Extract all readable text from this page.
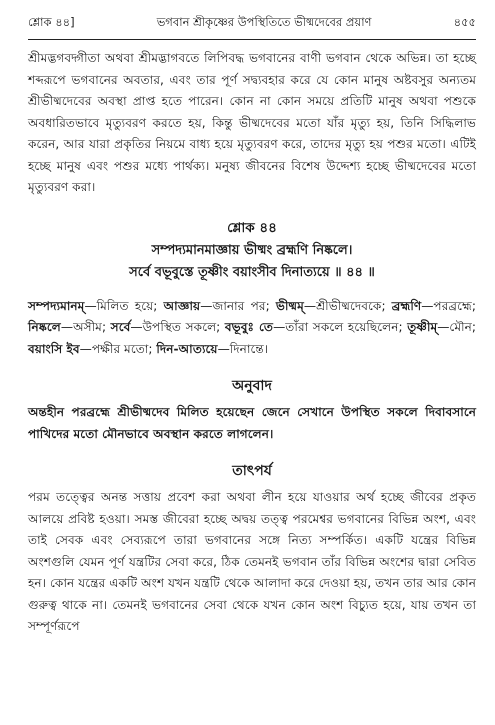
শ্লোক ৪৪]	ভগবান শ্রীকৃষ্ণের উপস্থিতিতে ভীষ্মদেবের প্রয়াণ	৪৫৫

শ্রীমদ্ভগবদ্গীতা অথবা শ্রীমদ্ভাগবতে লিপিবদ্ধ ভগবানের বাণী ভগবান থেকে অভিন্ন। তা হচ্ছে শব্দরূপে ভগবানের অবতার, এবং তার পূর্ণ সদ্ব্যবহার করে যে কোন মানুষ অষ্টবসুর অন্যতম শ্রীভীষ্মদেবের অবস্থা প্রাপ্ত হতে পারেন। কোন না কোন সময়ে প্রতিটি মানুষ অথবা পশুকে অবধারিতভাবে মৃত্যুবরণ করতে হয়, কিন্তু ভীষ্মদেবের মতো যাঁর মৃত্যু হয়, তিনি সিদ্ধিলাভ করেন, আর যারা প্রকৃতির নিয়মে বাধ্য হয়ে মৃত্যুবরণ করে, তাদের মৃত্যু হয় পশুর মতো। এটিই হচ্ছে মানুষ এবং পশুর মধ্যে পার্থক্য। মনুষ্য জীবনের বিশেষ উদ্দেশ্য হচ্ছে ভীষ্মদেবের মতো মৃত্যুবরণ করা।

শ্লোক ৪৪
সম্পদ্যমানমাজ্ঞায় ভীষ্মং ব্রহ্মণি নিষ্কলে।
সর্বে বভূবুস্তে তূষ্ণীং বয়াংসীব দিনাত্যয়ে ॥ ৪৪ ॥

সম্পদ্যমানম্—মিলিত হয়ে; আজ্ঞায়—জানার পর; ভীষ্মম্—শ্রীভীষ্মদেবকে; ব্রহ্মণি—পরব্রহ্মে; নিষ্কলে—অসীম; সর্বে—উপস্থিত সকলে; বভূবুঃ তে—তাঁরা সকলে হয়েছিলেন; তূষ্ণীম্—মৌন; বয়াংসি ইব—পক্ষীর মতো; দিন-আত্যয়ে—দিনান্তে।

অনুবাদ

অন্তহীন পরব্রহ্মে শ্রীভীষ্মদেব মিলিত হয়েছেন জেনে সেখানে উপস্থিত সকলে দিবাবসানে পাখিদের মতো মৌনভাবে অবস্থান করতে লাগলেন।

তাৎপর্য

পরম তত্ত্বের অনন্ত সত্তায় প্রবেশ করা অথবা লীন হয়ে যাওয়ার অর্থ হচ্ছে জীবের প্রকৃত আলয়ে প্রবিষ্ট হওয়া। সমস্ত জীবেরা হচ্ছে অদ্বয় তত্ত্ব পরমেশ্বর ভগবানের বিভিন্ন অংশ, এবং তাই সেবক এবং সেব্যরূপে তারা ভগবানের সঙ্গে নিত্য সম্পর্কিত। একটি যন্ত্রের বিভিন্ন অংশগুলি যেমন পূর্ণ যন্ত্রটির সেবা করে, ঠিক তেমনই ভগবান তাঁর বিভিন্ন অংশের দ্বারা সেবিত হন। কোন যন্ত্রের একটি অংশ যখন যন্ত্রটি থেকে আলাদা করে দেওয়া হয়, তখন তার আর কোন গুরুত্ব থাকে না। তেমনই ভগবানের সেবা থেকে যখন কোন অংশ বিচ্যুত হয়ে, যায় তখন তা সম্পূর্ণরূপে
